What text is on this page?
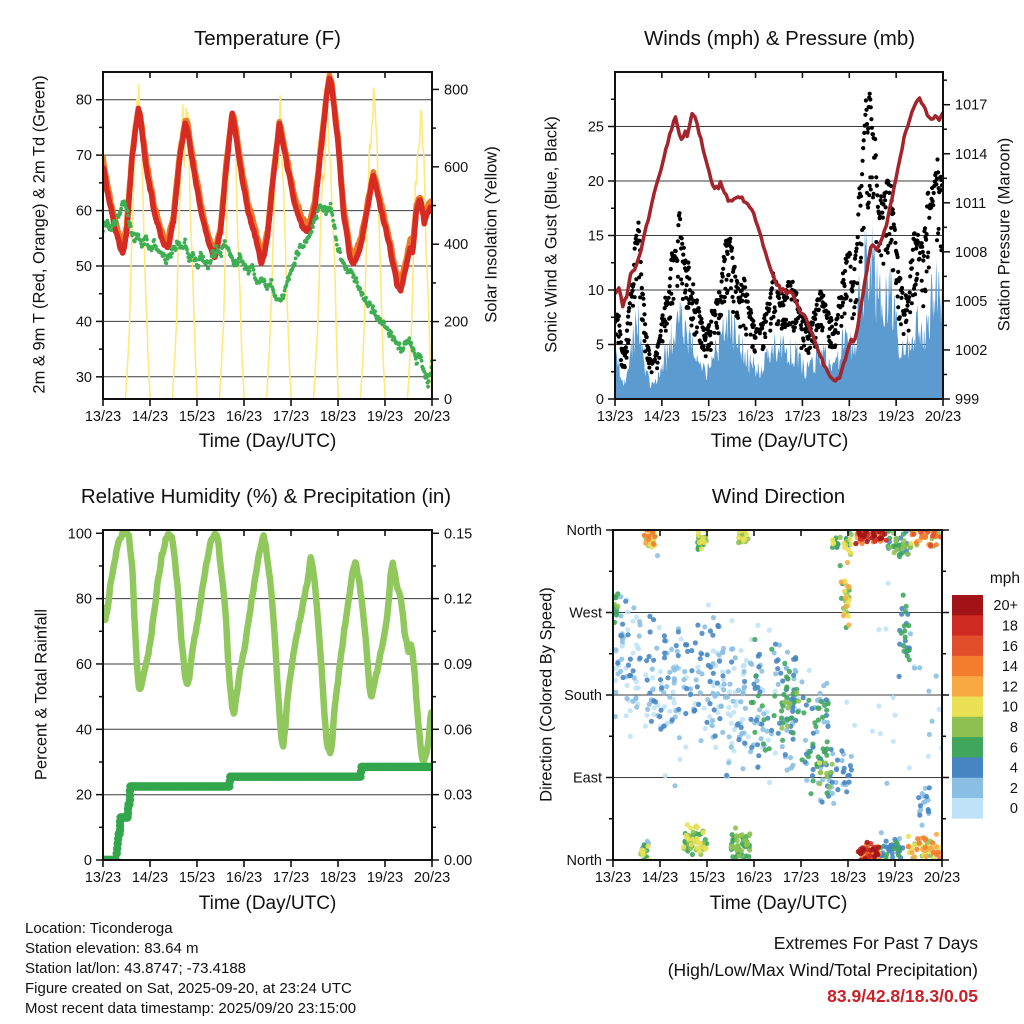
13/23 14/23 15/23 16/23 17/23 18/23 19/23 20/23
30
40
50
60
70
80
0
200
400
600
800
13/23 14/23 15/23 16/23 17/23 18/23 19/23 20/23
0
5
10
15
20
25
999
1002
1005
1008
1011
1014
1017
13/23 14/23 15/23 16/23 17/23 18/23 19/23 20/23
0
20
40
60
80
100
0.00
0.03
0.06
0.09
0.12
0.15
13/23 14/23 15/23 16/23 17/23 18/23 19/23 20/23
North
West
South
East
North
20+
18
16
14
12
10
8
6
4
2
0
mph
Temperature (F)	Winds (mph) & Pressure (mb)
Relative Humidity (%) & Precipitation (in)	Wind Direction
Time (Day/UTC)	Time (Day/UTC)
Time (Day/UTC)	Time (Day/UTC)
2m & 9m T (Red, Orange) & 2m Td (Green)	Solar Insolation (Yellow)	Sonic Wind & Gust (Blue, Black)	Station Pressure (Maroon)
Percent & Total Rainfall	Direction (Colored By Speed)
Location: Ticonderoga
Station elevation: 83.64 m
Station lat/lon: 43.8747; -73.4188
Figure created on Sat, 2025-09-20, at 23:24 UTC
Most recent data timestamp: 2025/09/20 23:15:00
Extremes For Past 7 Days
(High/Low/Max Wind/Total Precipitation)
83.9/42.8/18.3/0.05
